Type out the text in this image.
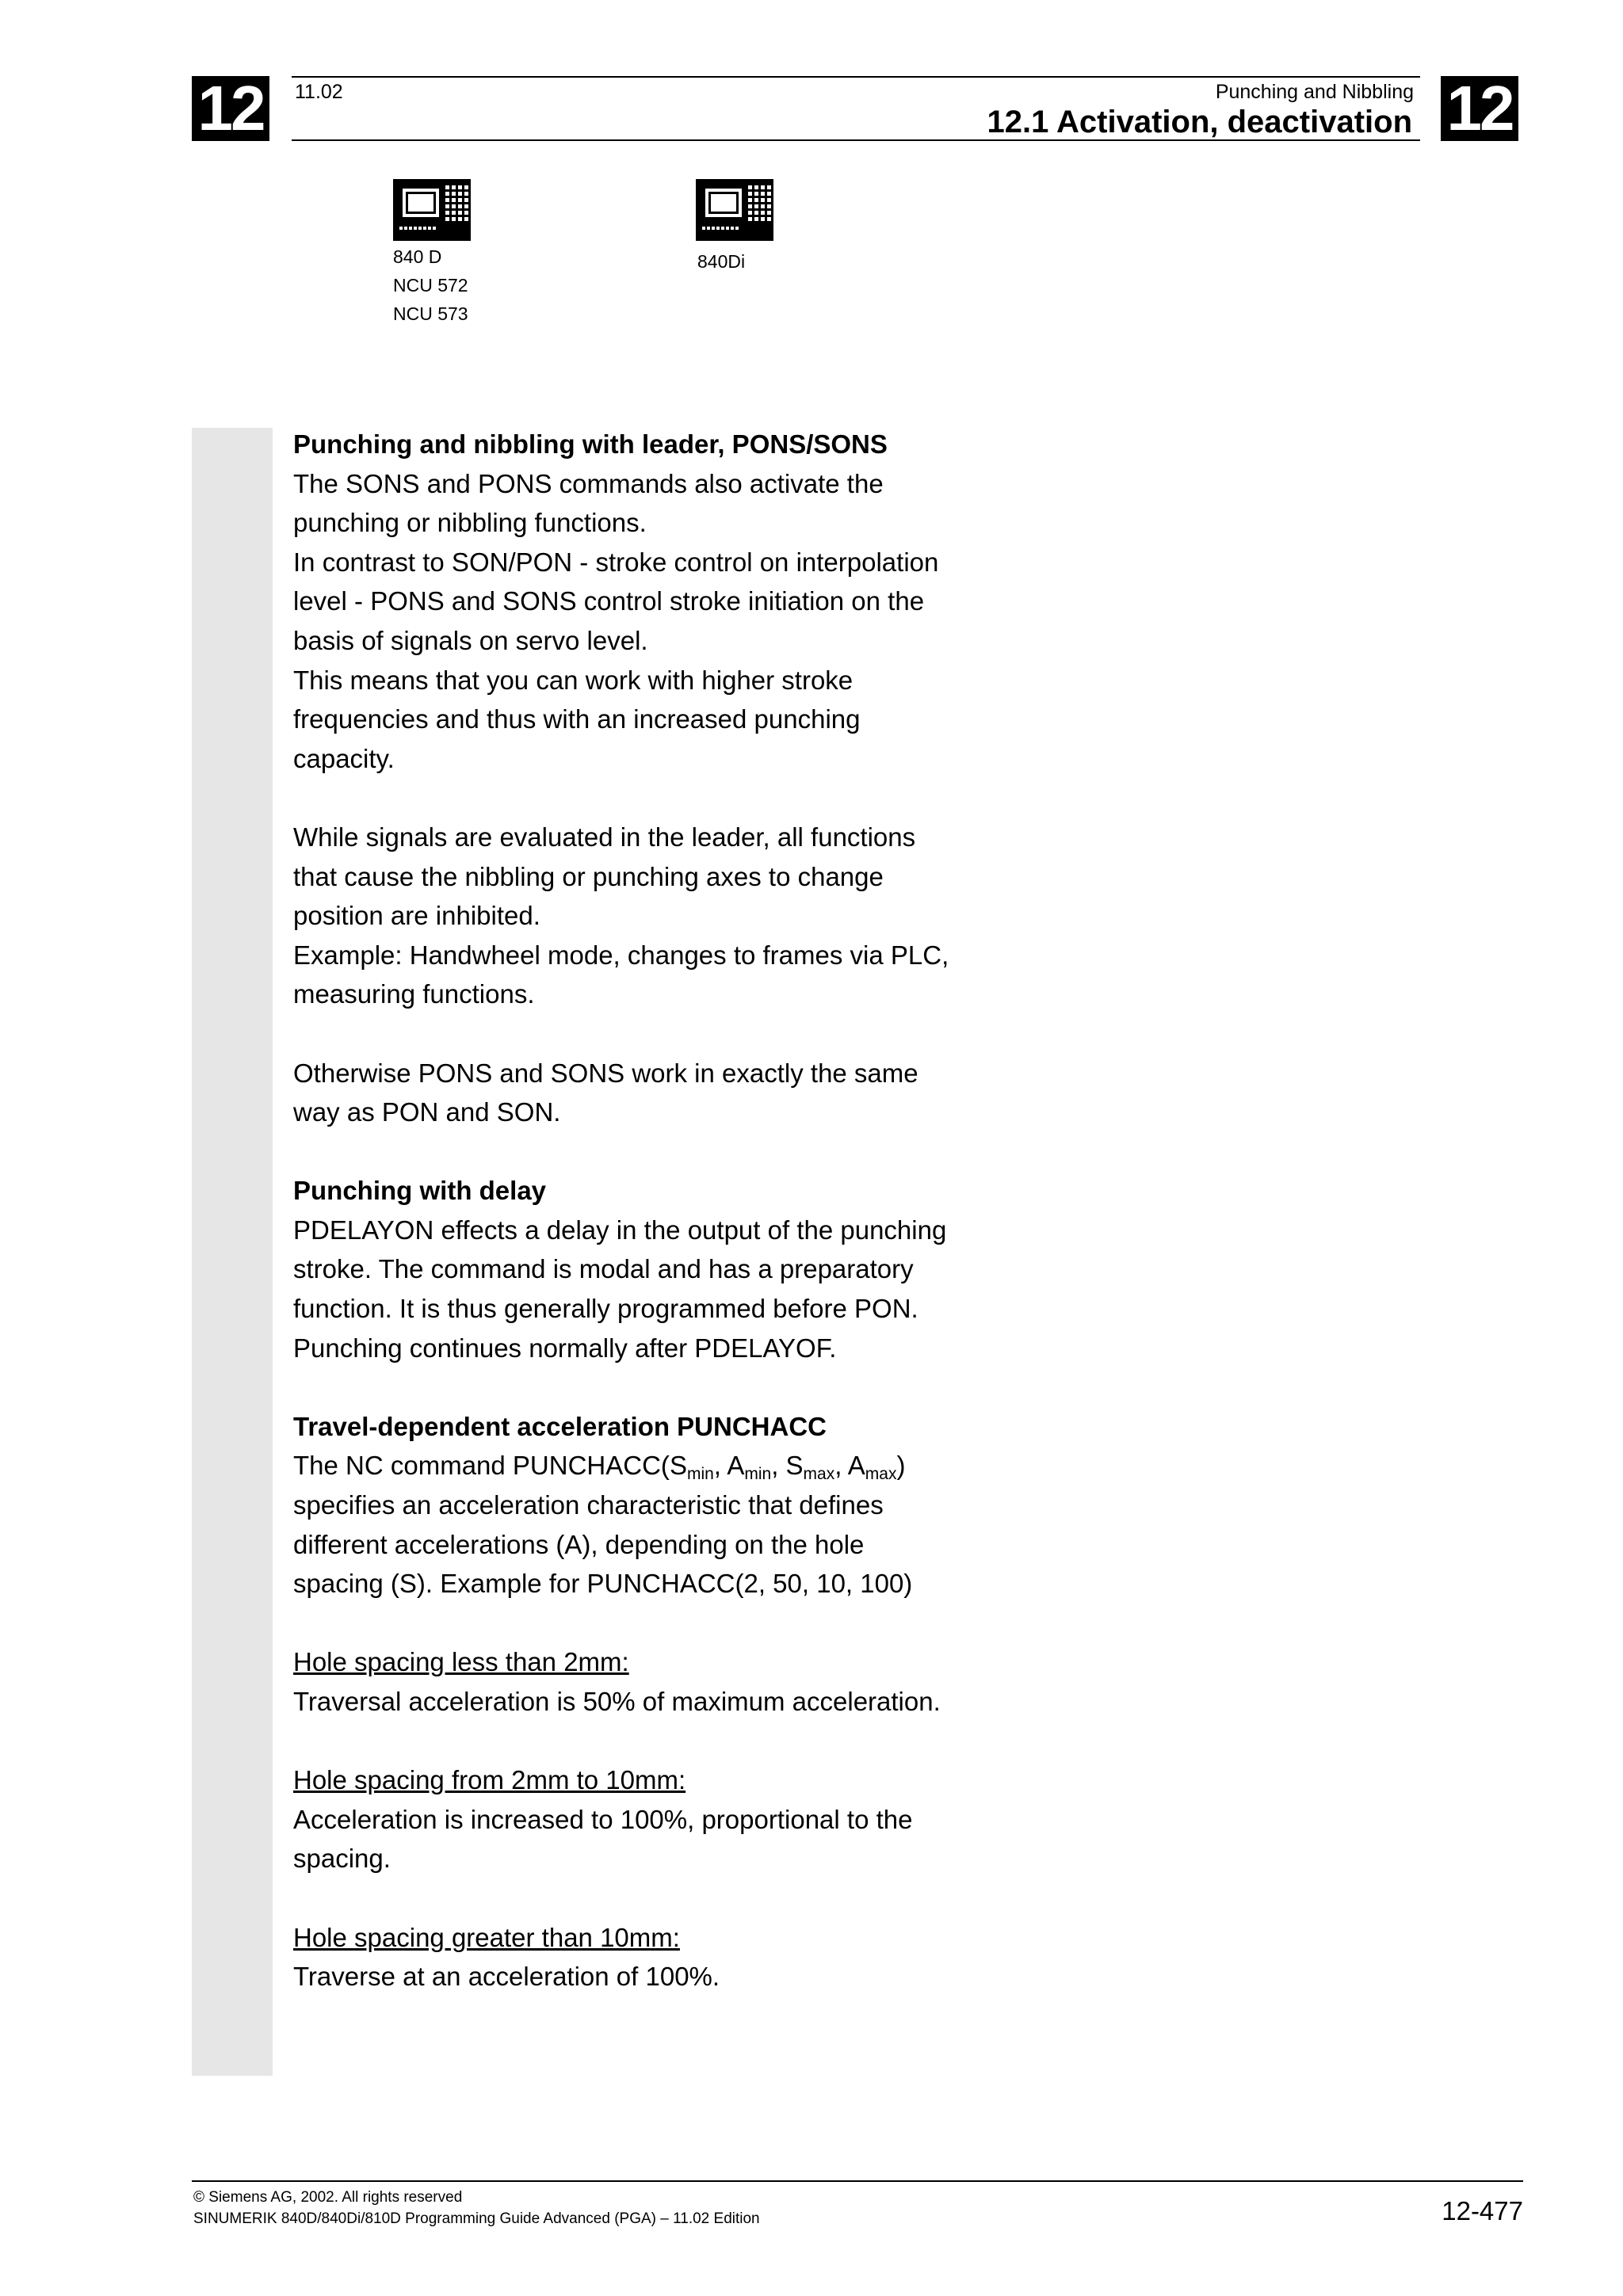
12	11.02	Punching and Nibbling
12.1 Activation, deactivation 12
840 D
NCU 572
NCU 573
840Di

Punching and nibbling with leader, PONS/SONS
The SONS and PONS commands also activate the punching or nibbling functions.
In contrast to SON/PON - stroke control on interpolation level - PONS and SONS control stroke initiation on the basis of signals on servo level.
This means that you can work with higher stroke frequencies and thus with an increased punching capacity.

While signals are evaluated in the leader, all functions that cause the nibbling or punching axes to change position are inhibited.
Example: Handwheel mode, changes to frames via PLC, measuring functions.

Otherwise PONS and SONS work in exactly the same way as PON and SON.

Punching with delay
PDELAYON effects a delay in the output of the punching stroke. The command is modal and has a preparatory function. It is thus generally programmed before PON.
Punching continues normally after PDELAYOF.

Travel-dependent acceleration PUNCHACC
The NC command $PUNCHACC(S_{min}$, $A_{min}$, $S_{max}$, $A_{max}$) specifies an acceleration characteristic that defines different accelerations (A), depending on the hole spacing (S). Example for PUNCHACC(2, 50, 10, 100)

Hole spacing less than 2mm:
Traversal acceleration is 50% of maximum acceleration.

Hole spacing from 2mm to 10mm:
Acceleration is increased to 100%, proportional to the spacing.

Hole spacing greater than 10mm:
Traverse at an acceleration of 100%.

© Siemens AG, 2002. All rights reserved
SINUMERIK 840D/840Di/810D Programming Guide Advanced (PGA) – 11.02 Edition	12-477
